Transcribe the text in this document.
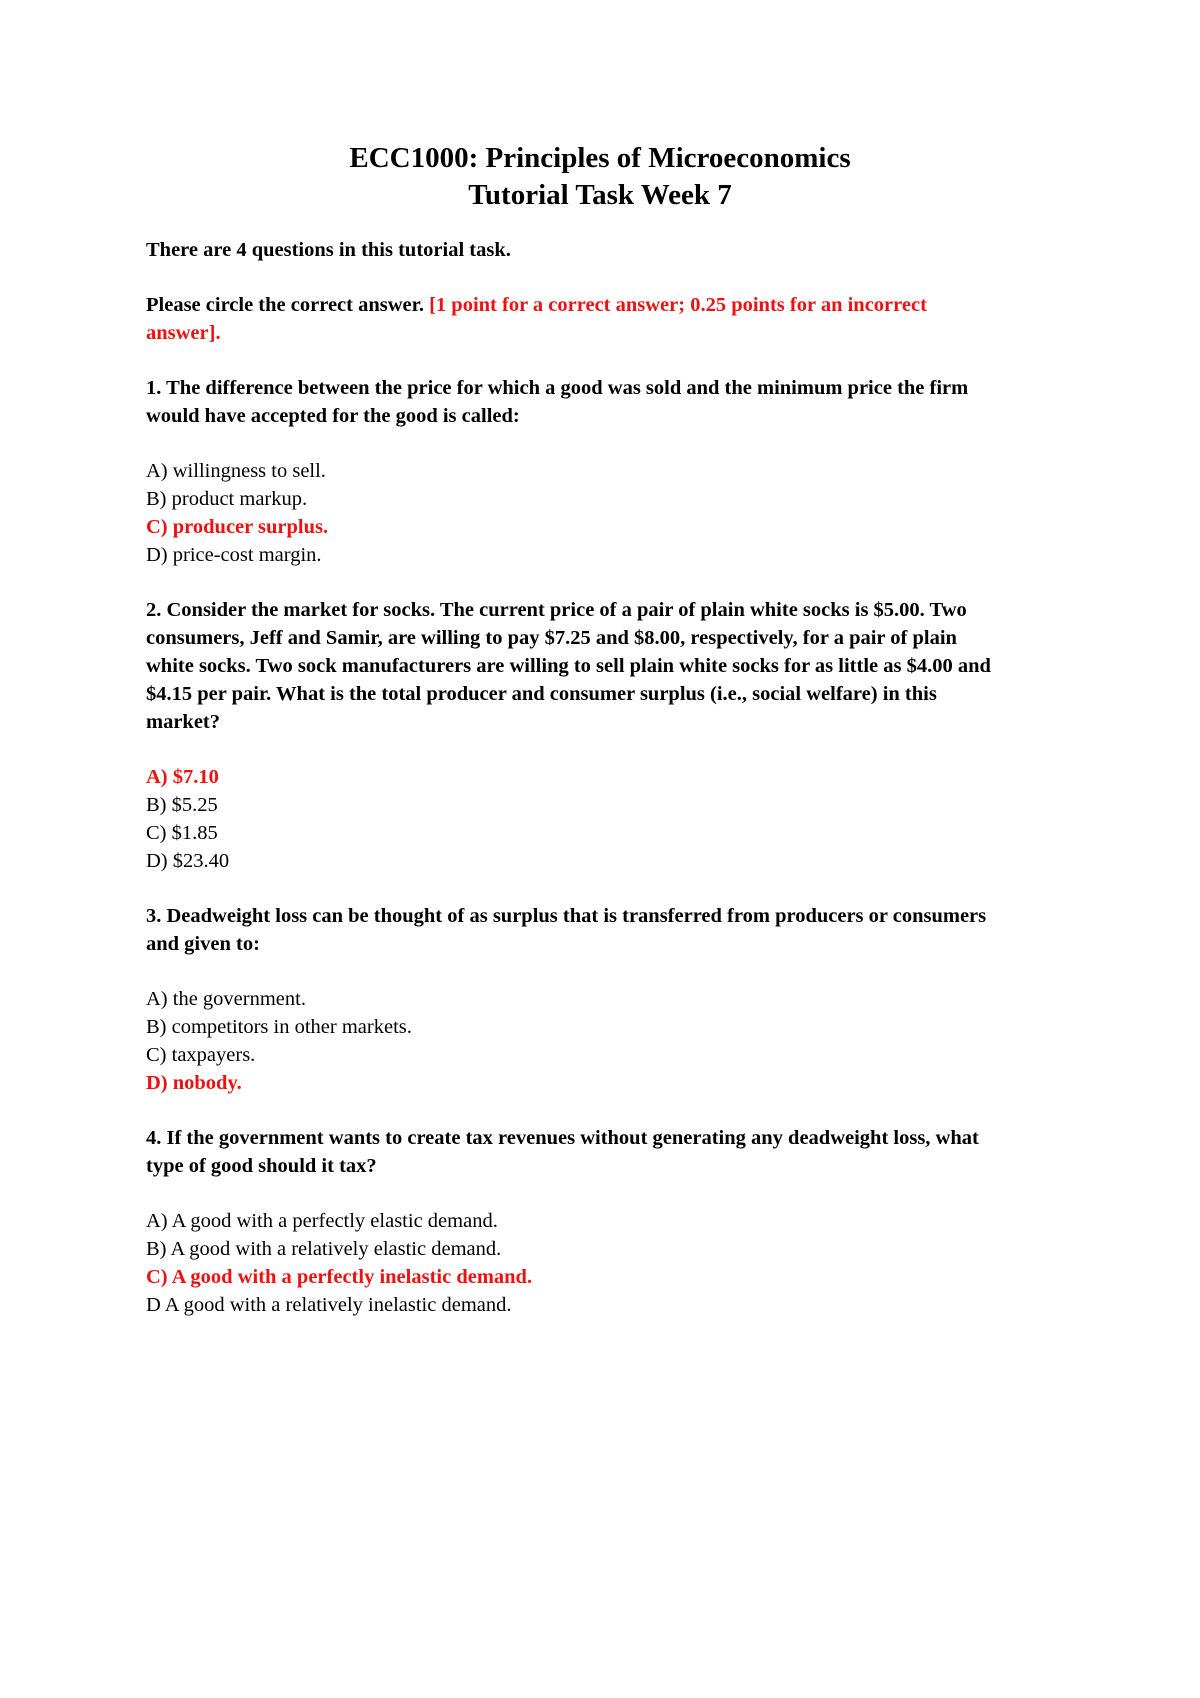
ECC1000: Principles of Microeconomics
Tutorial Task Week 7

There are 4 questions in this tutorial task.

Please circle the correct answer. [1 point for a correct answer; 0.25 points for an incorrect answer].

1. The difference between the price for which a good was sold and the minimum price the firm would have accepted for the good is called:

A) willingness to sell.
B) product markup.
C) producer surplus.
D) price-cost margin.

2. Consider the market for socks. The current price of a pair of plain white socks is $5.00. Two consumers, Jeff and Samir, are willing to pay $7.25 and $8.00, respectively, for a pair of plain white socks. Two sock manufacturers are willing to sell plain white socks for as little as $4.00 and $4.15 per pair. What is the total producer and consumer surplus (i.e., social welfare) in this market?

A) $7.10
B) $5.25
C) $1.85
D) $23.40

3. Deadweight loss can be thought of as surplus that is transferred from producers or consumers and given to:

A) the government.
B) competitors in other markets.
C) taxpayers.
D) nobody.

4. If the government wants to create tax revenues without generating any deadweight loss, what type of good should it tax?

A) A good with a perfectly elastic demand.
B) A good with a relatively elastic demand.
C) A good with a perfectly inelastic demand.
D A good with a relatively inelastic demand.
